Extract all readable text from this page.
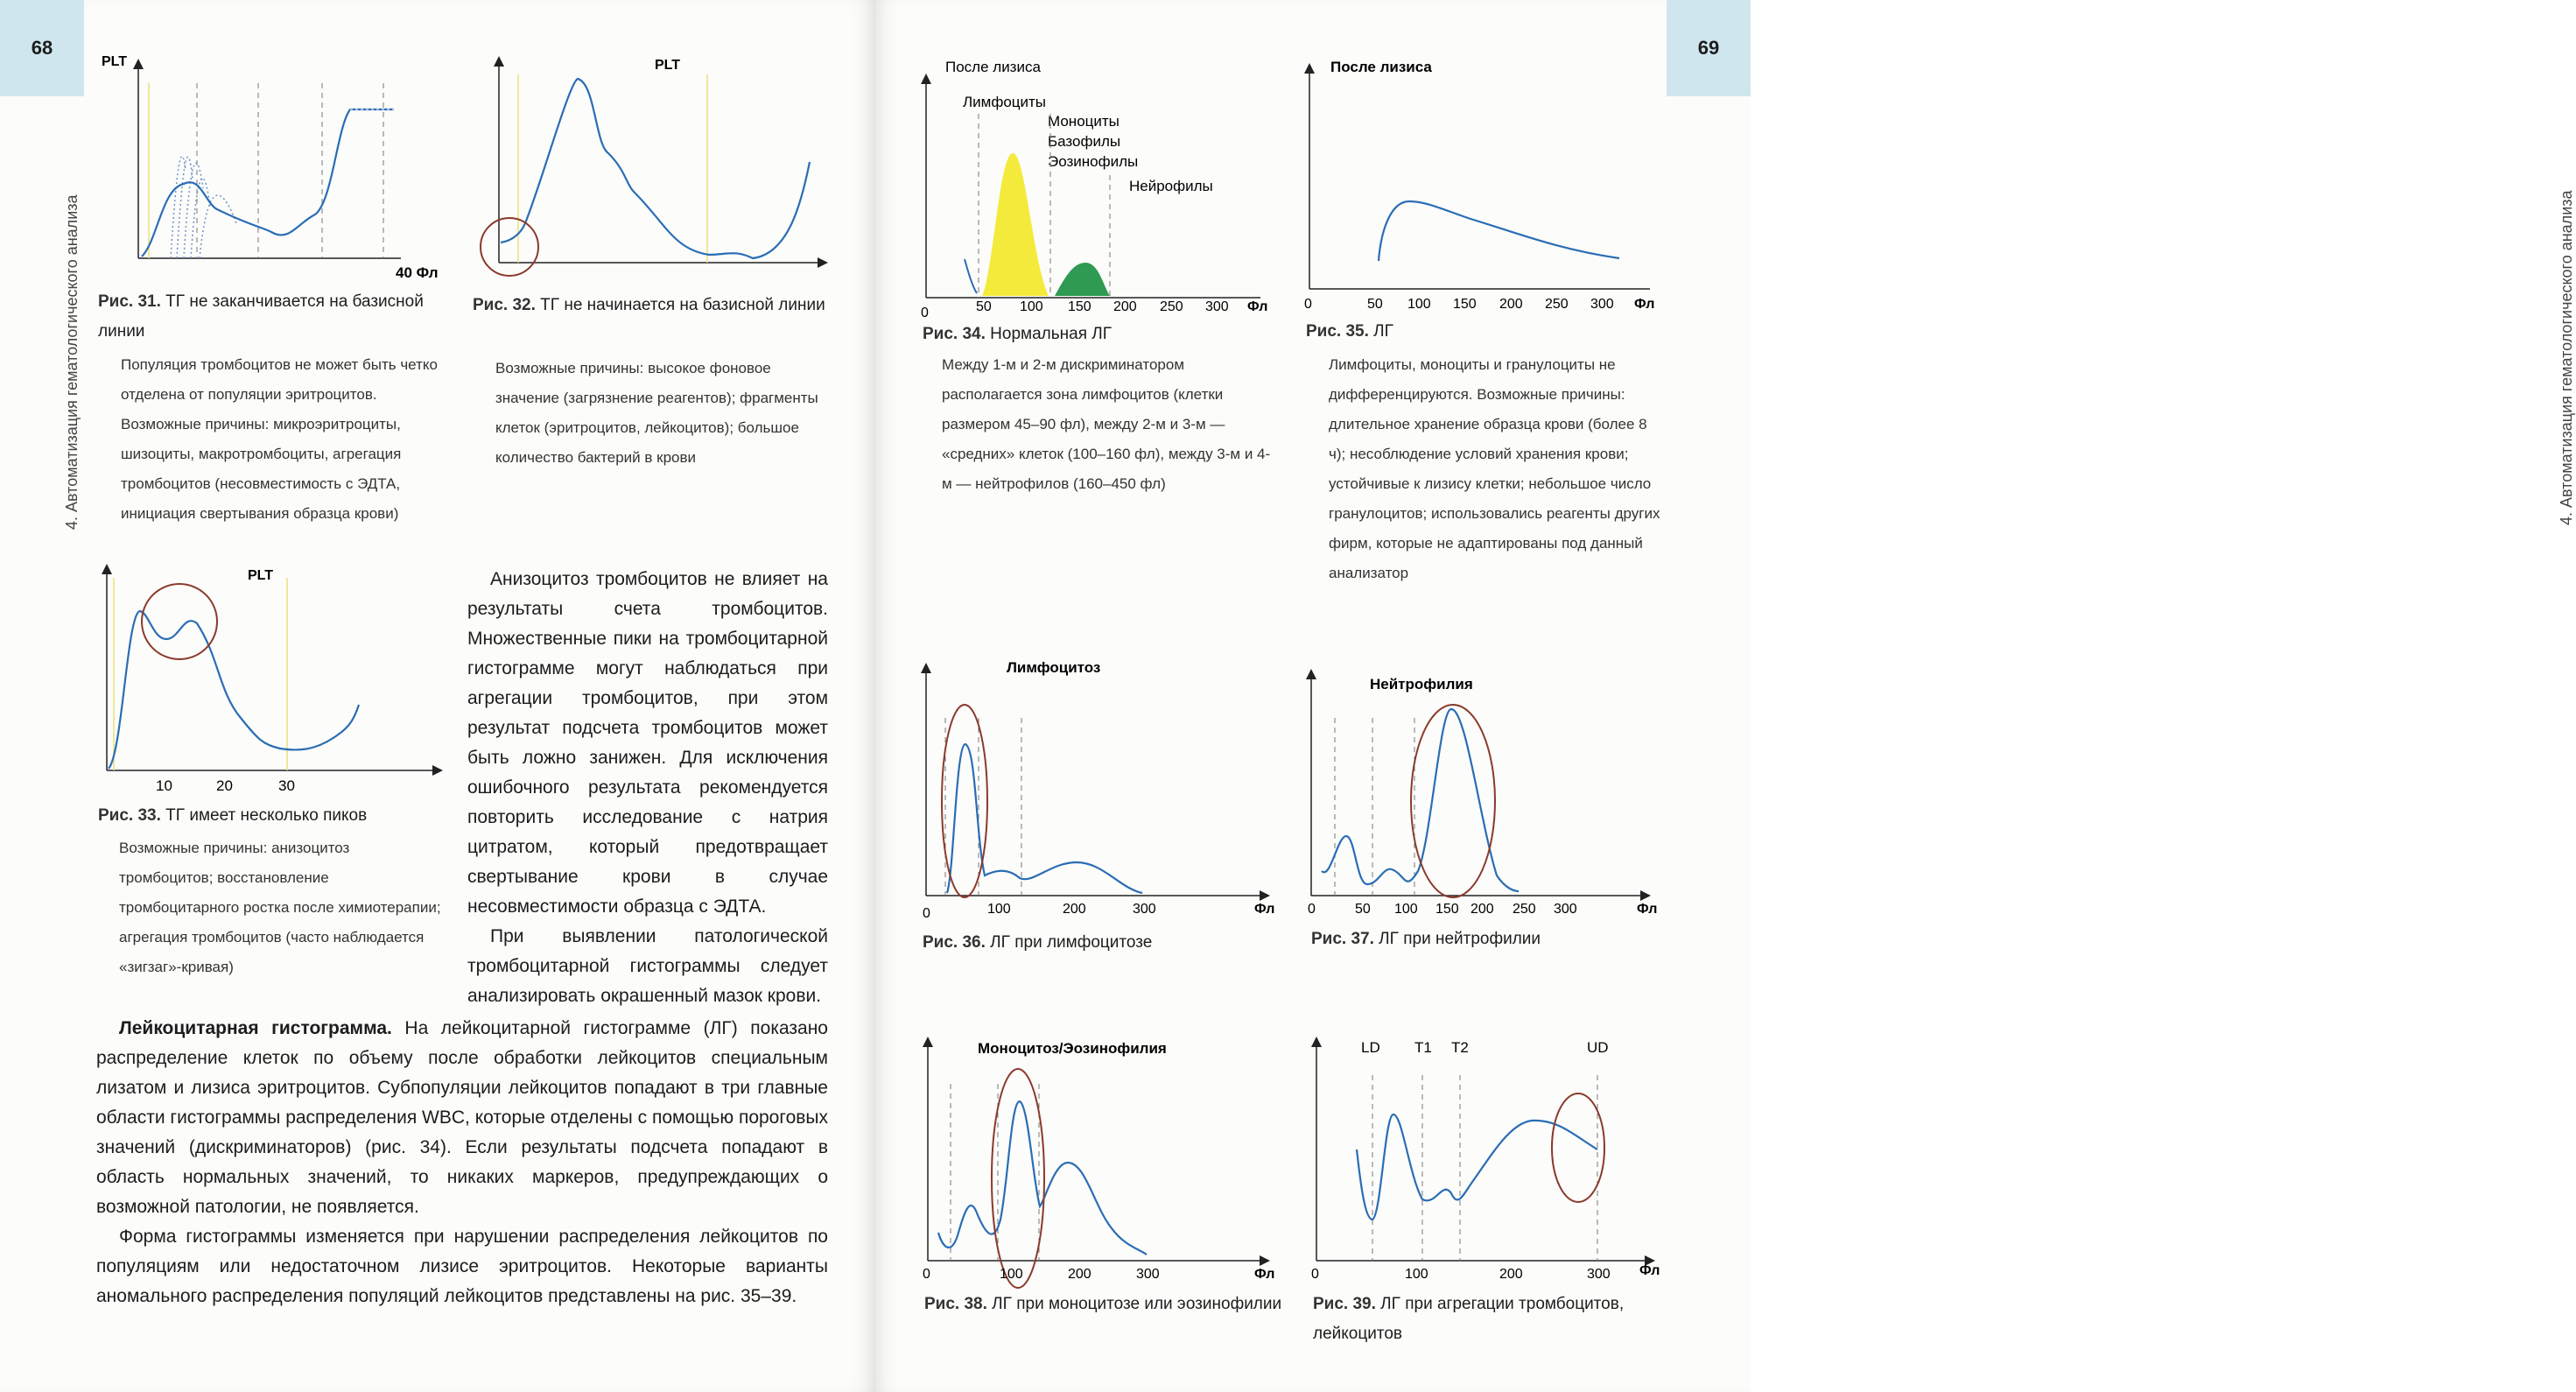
68
4. Автоматизация гематологического анализа
PLT
40 Фл
Рис. 31. ТГ не заканчивается на базисной линии
Популяция тромбоцитов не может быть четко отделена от популяции эритроцитов. Возможные причины: микроэритроциты, шизоциты, макротромбоциты, агрегация тромбоцитов (несовместимость с ЭДТА, инициация свертывания образца крови)
PLT
Рис. 32. ТГ не начинается на базисной линии
Возможные причины: высокое фоновое значение (загрязнение реагентов); фрагменты клеток (эритроцитов, лейкоцитов); большое количество бактерий в крови
PLT
10	20	30
Рис. 33. ТГ имеет несколько пиков
Возможные причины: анизоцитоз тромбоцитов; восстановление тромбоцитарного ростка после химиотерапии; агрегация тромбоцитов (часто наблюдается «зигзаг»-кривая)

Анизоцитоз тромбоцитов не влияет на результаты счета тромбоцитов. Множественные пики на тромбоцитарной гистограмме могут наблюдаться при агрегации тромбоцитов, при этом результат подсчета тромбоцитов может быть ложно занижен. Для исключения ошибочного результата рекомендуется повторить исследование с натрия цитратом, который предотвращает свертывание крови в случае несовместимости образца с ЭДТА.

При выявлении патологической тромбоцитарной гистограммы следует анализировать окрашенный мазок крови.

Лейкоцитарная гистограмма. На лейкоцитарной гистограмме (ЛГ) показано распределение клеток по объему после обработки лейкоцитов специальным лизатом и лизиса эритроцитов. Субпопуляции лейкоцитов попадают в три главные области гистограммы распределения WBC, которые отделены с помощью пороговых значений (дискриминаторов) (рис. 34). Если результаты подсчета попадают в область нормальных значений, то никаких маркеров, предупреждающих о возможной патологии, не появляется.

Форма гистограммы изменяется при нарушении распределения лейкоцитов по популяциям или недостаточном лизисе эритроцитов. Некоторые варианты аномального распределения популяций лейкоцитов представлены на рис. 35–39.

69
4. Автоматизация гематологического анализа
После лизиса
Лимфоциты
Моноциты
Базофилы
Эозинофилы
Нейрофилы
0	50 100 150 200 250 300 Фл
Рис. 34. Нормальная ЛГ
Между 1-м и 2-м дискриминатором располагается зона лимфоцитов (клетки размером 45–90 фл), между 2-м и 3-м — «средних» клеток (100–160 фл), между 3-м и 4-м — нейтрофилов (160–450 фл)
После лизиса
0	50 100 150 200 250 300 Фл
Рис. 35. ЛГ
Лимфоциты, моноциты и гранулоциты не дифференцируются. Возможные причины: длительное хранение образца крови (более 8 ч); несоблюдение условий хранения крови; устойчивые к лизису клетки; небольшое число гранулоцитов; использовались реагенты других фирм, которые не адаптированы под данный анализатор
Лимфоцитоз
0	100	200	300	Фл
Рис. 36. ЛГ при лимфоцитозе
Нейтрофилия
0	50 100 150 200 250 300	Фл
Рис. 37. ЛГ при нейтрофилии
Моноцитоз/Эозинофилия
0	100	200	300	Фл
Рис. 38. ЛГ при моноцитозе или эозинофилии
LD T1 T2	UD
0	100	200	300 Фл
Рис. 39. ЛГ при агрегации тромбоцитов, лейкоцитов
